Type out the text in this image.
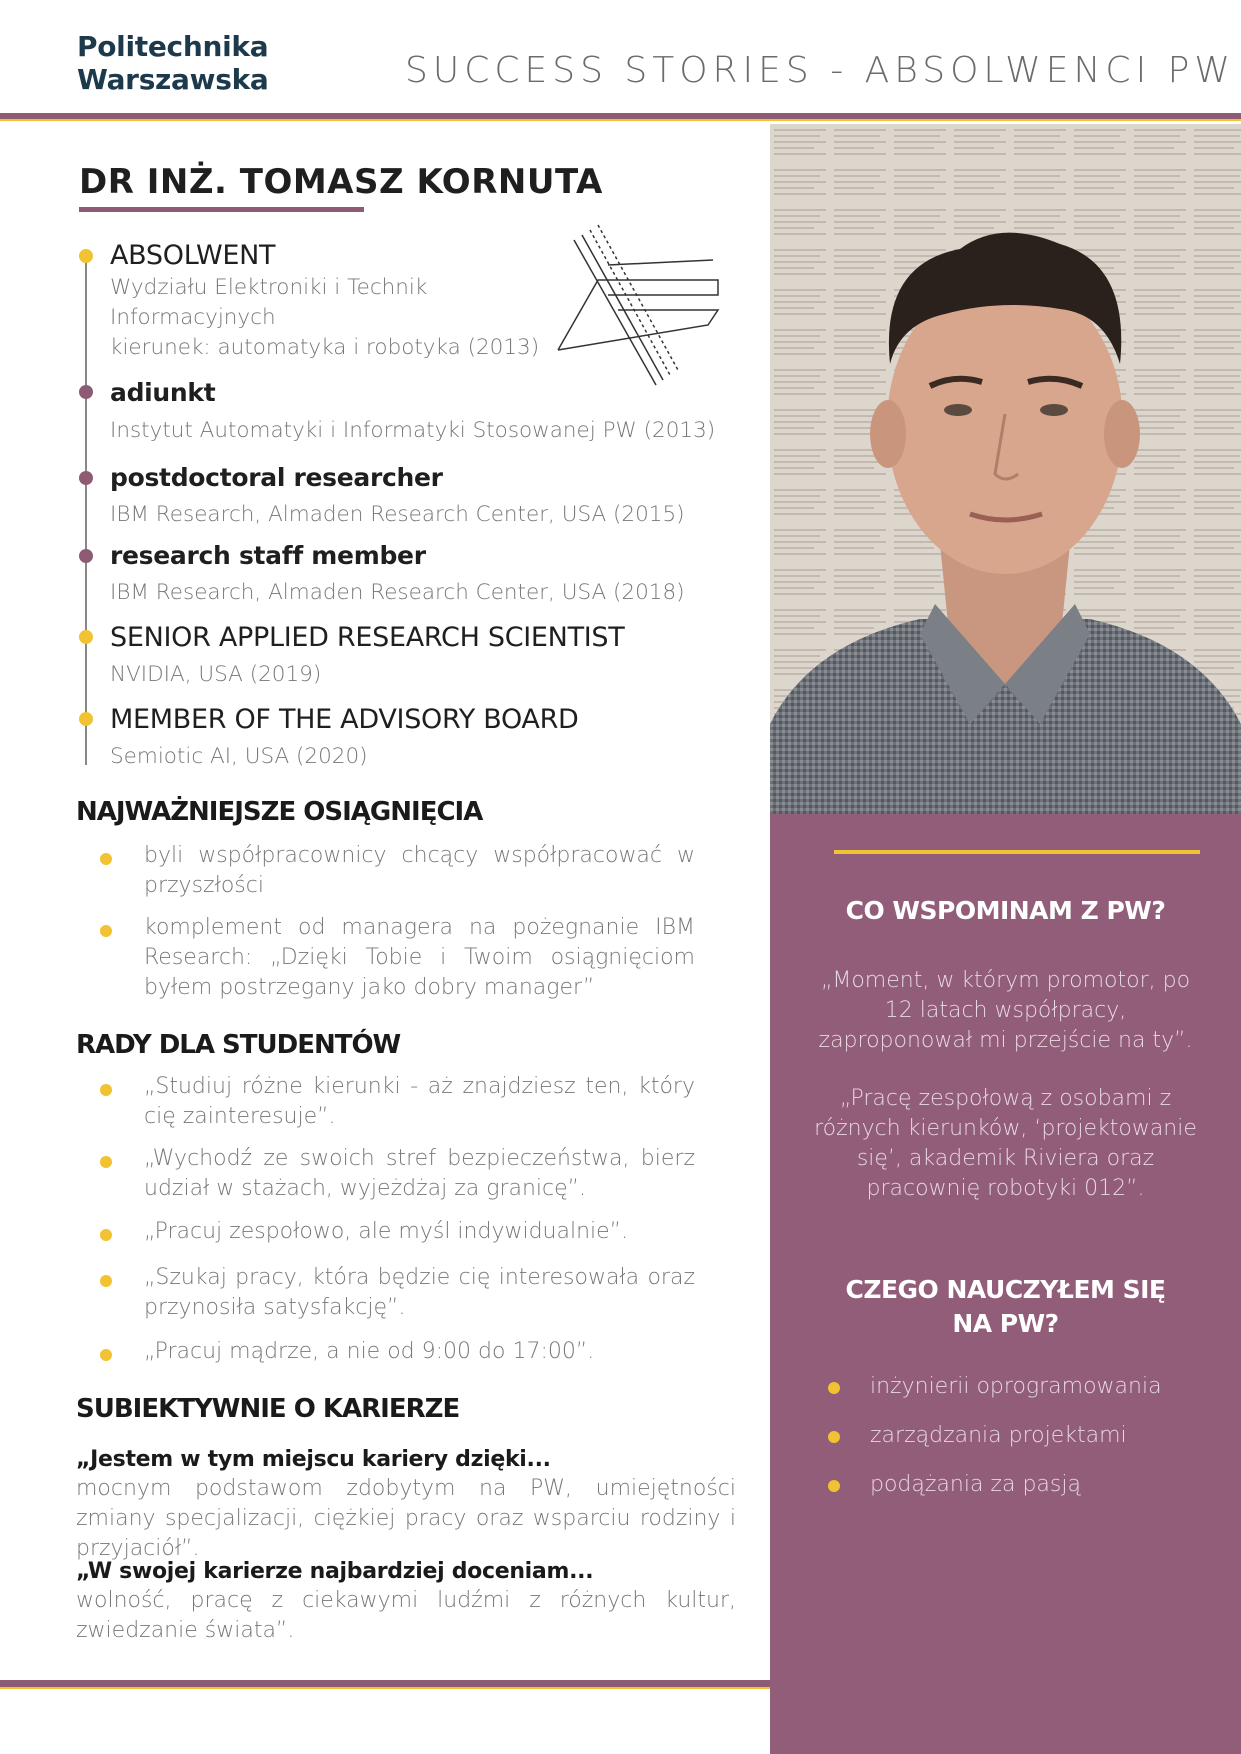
Politechnika
Warszawska	SUCCESS STORIES - ABSOLWENCI PW
DR INŻ. TOMASZ KORNUTA
ABSOLWENT
Wydziału Elektroniki i Technik
Informacyjnych
kierunek: automatyka i robotyka (2013)
adiunkt
Instytut Automatyki i Informatyki Stosowanej PW (2013)
postdoctoral researcher
IBM Research, Almaden Research Center, USA (2015)
research staff member
IBM Research, Almaden Research Center, USA (2018)
SENIOR APPLIED RESEARCH SCIENTIST
NVIDIA, USA (2019)
MEMBER OF THE ADVISORY BOARD
Semiotic AI, USA (2020)
NAJWAŻNIEJSZE OSIĄGNIĘCIA
byli współpracownicy chcący współpracować w przyszłości
komplement od managera na pożegnanie IBM Research: „Dzięki Tobie i Twoim osiągnięciom byłem postrzegany jako dobry manager”
RADY DLA STUDENTÓW
„Studiuj różne kierunki - aż znajdziesz ten, który cię zainteresuje”.
„Wychodź ze swoich stref bezpieczeństwa, bierz udział w stażach, wyjeżdżaj za granicę”.
„Pracuj zespołowo, ale myśl indywidualnie”.
„Szukaj pracy, która będzie cię interesowała oraz przynosiła satysfakcję”.
„Pracuj mądrze, a nie od 9:00 do 17:00”.
SUBIEKTYWNIE O KARIERZE
„Jestem w tym miejscu kariery dzięki...
mocnym podstawom zdobytym na PW, umiejętności zmiany specjalizacji, ciężkiej pracy oraz wsparciu rodziny i przyjaciół”.
„W swojej karierze najbardziej doceniam...
wolność, pracę z ciekawymi ludźmi z różnych kultur, zwiedzanie świata”.
CO WSPOMINAM Z PW?
„Moment, w którym promotor, po 12 latach współpracy, zaproponował mi przejście na ty”.
„Pracę zespołową z osobami z różnych kierunków, ‘projektowanie się’, akademik Riviera oraz pracownię robotyki 012”.
CZEGO NAUCZYŁEM SIĘ
NA PW?
inżynierii oprogramowania
zarządzania projektami
podążania za pasją
